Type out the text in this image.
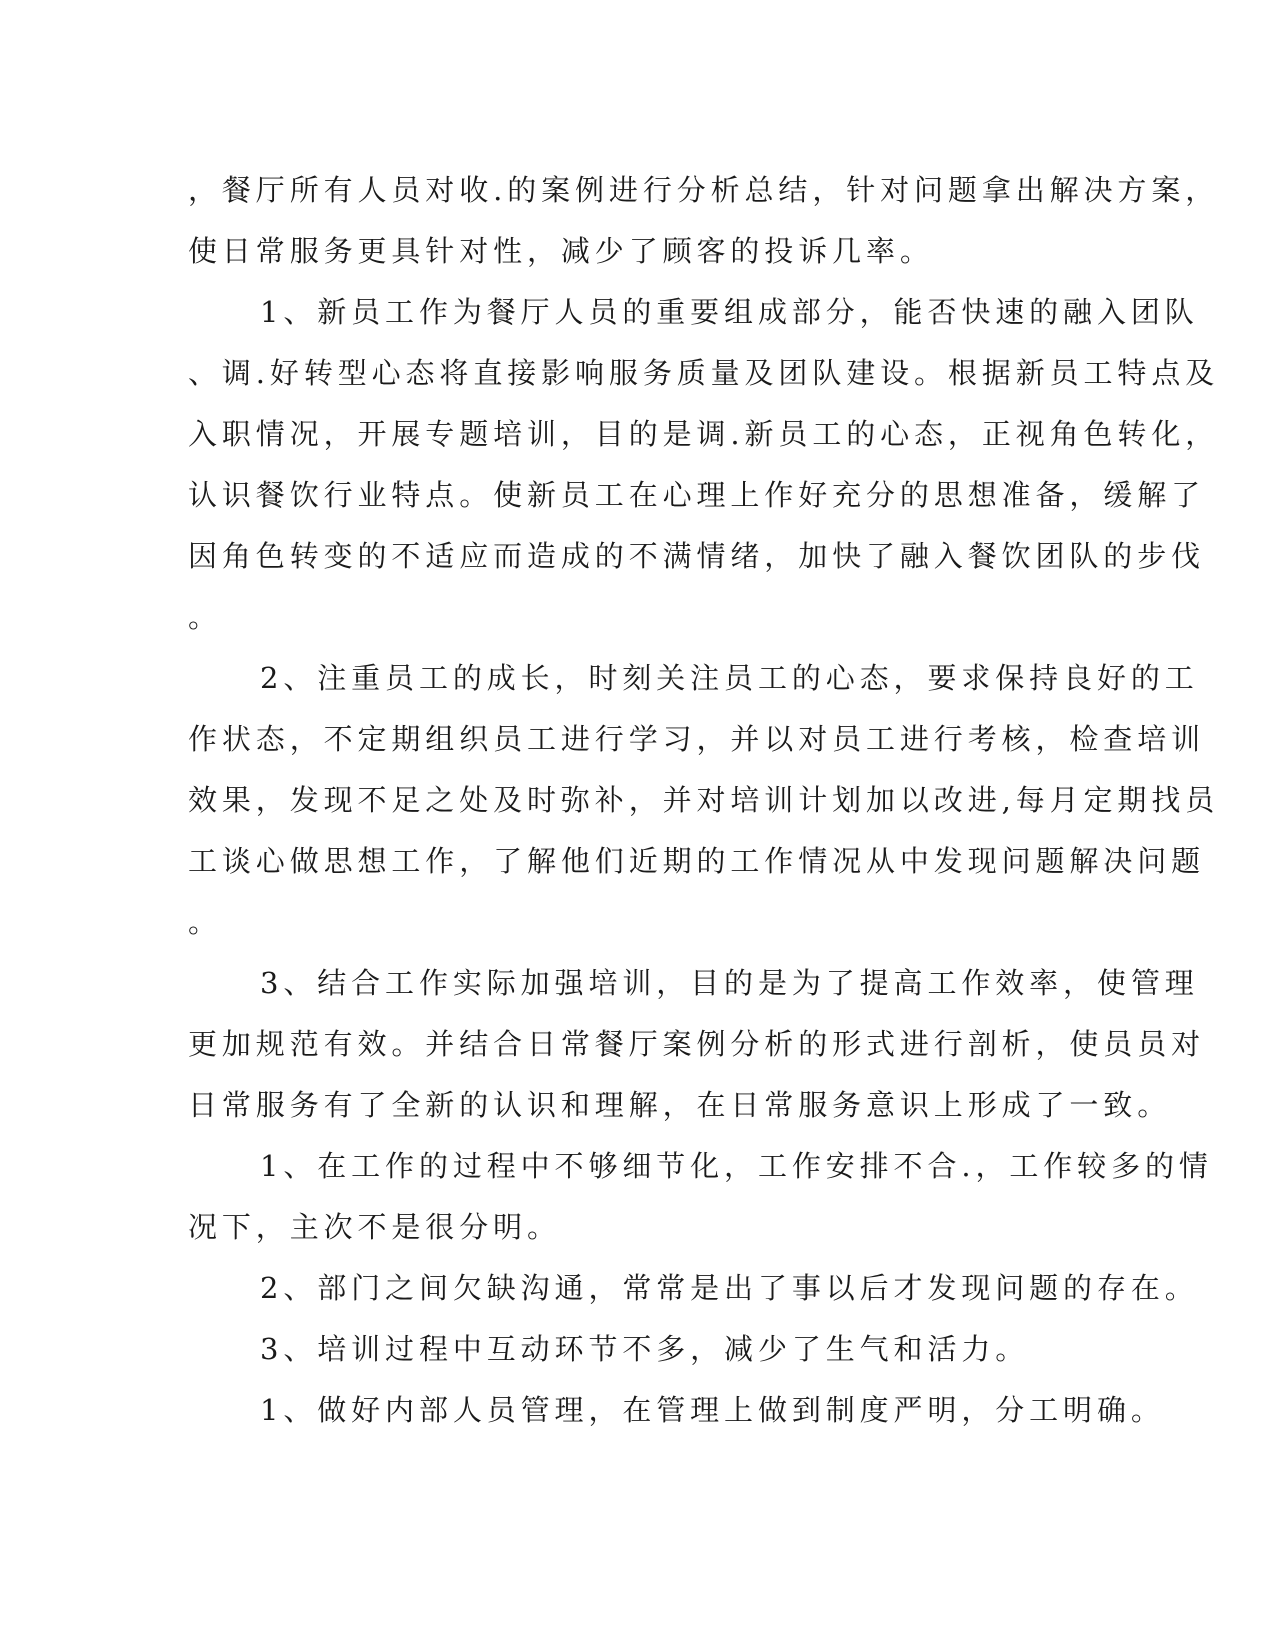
，餐厅所有人员对收.的案例进行分析总结，针对问题拿出解决方案，
使日常服务更具针对性，减少了顾客的投诉几率。
1、新员工作为餐厅人员的重要组成部分，能否快速的融入团队
、调.好转型心态将直接影响服务质量及团队建设。根据新员工特点及
入职情况，开展专题培训，目的是调.新员工的心态，正视角色转化，
认识餐饮行业特点。使新员工在心理上作好充分的思想准备，缓解了
因角色转变的不适应而造成的不满情绪，加快了融入餐饮团队的步伐
。
2、注重员工的成长，时刻关注员工的心态，要求保持良好的工
作状态，不定期组织员工进行学习，并以对员工进行考核，检查培训
效果，发现不足之处及时弥补，并对培训计划加以改进,每月定期找员
工谈心做思想工作，了解他们近期的工作情况从中发现问题解决问题
。
3、结合工作实际加强培训，目的是为了提高工作效率，使管理
更加规范有效。并结合日常餐厅案例分析的形式进行剖析，使员员对
日常服务有了全新的认识和理解，在日常服务意识上形成了一致。
1、在工作的过程中不够细节化，工作安排不合.，工作较多的情
况下，主次不是很分明。
2、部门之间欠缺沟通，常常是出了事以后才发现问题的存在。
3、培训过程中互动环节不多，减少了生气和活力。
1、做好内部人员管理，在管理上做到制度严明，分工明确。
